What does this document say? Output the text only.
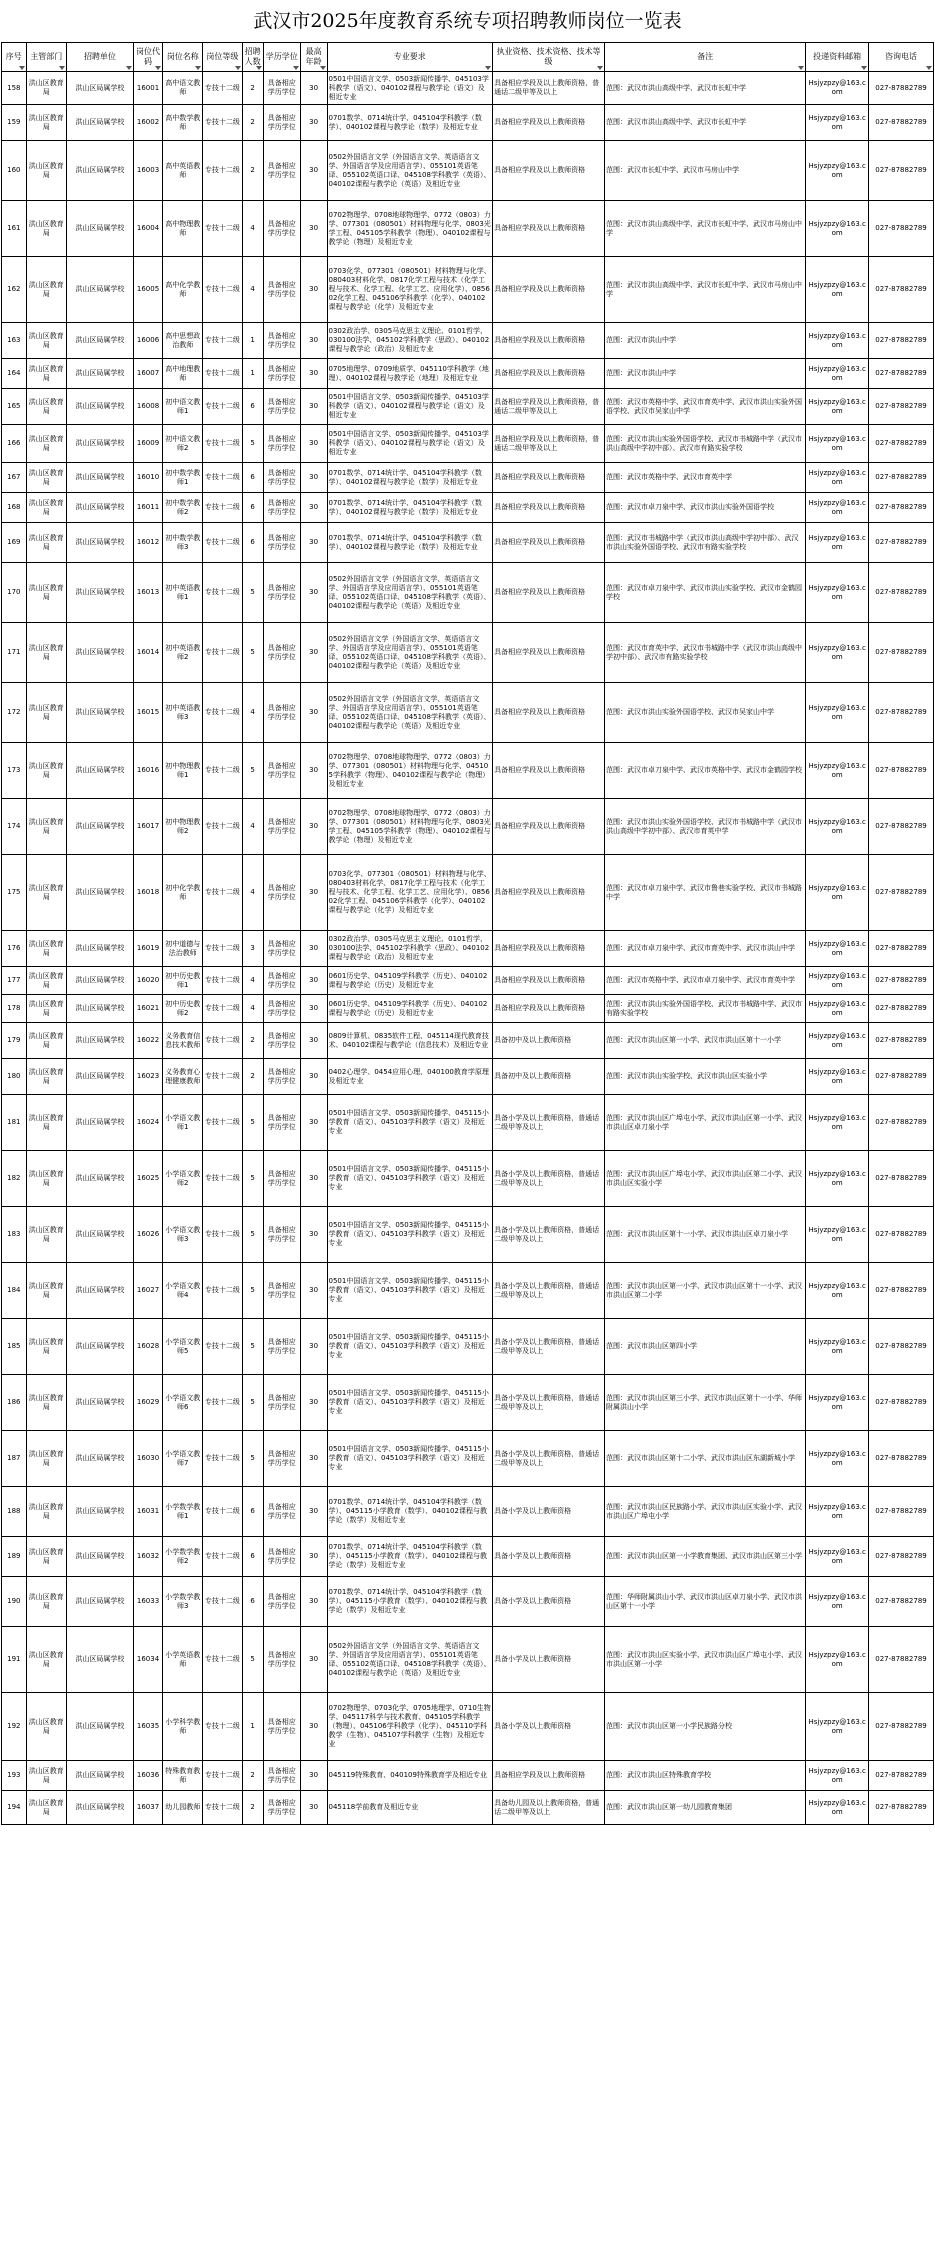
武汉市2025年度教育系统专项招聘教师岗位一览表
序号	主管部门	招聘单位	岗位代码	岗位名称	岗位等级	招聘人数	学历学位	最高年龄	专业要求	执业资格、技术资格、技术等级	备注	投递资料邮箱	咨询电话

158	洪山区教育局	洪山区局属学校	16001	高中语文教师	专技十二级	2	具备相应学历学位	30	0501中国语言文学、0503新闻传播学、045103学科教学（语文）、040102课程与教学论（语文）及相近专业	具备相应学段及以上教师资格，普通话二级甲等及以上	范围：武汉市洪山高级中学、武汉市长虹中学	Hsjyzpzy@163.com	027-87882789
159	洪山区教育局	洪山区局属学校	16002	高中数学教师	专技十二级	2	具备相应学历学位	30	0701数学、0714统计学、045104学科教学（数学）、040102课程与教学论（数学）及相近专业	具备相应学段及以上教师资格	范围：武汉市洪山高级中学、武汉市长虹中学	Hsjyzpzy@163.com	027-87882789
160	洪山区教育局	洪山区局属学校	16003	高中英语教师	专技十二级	2	具备相应学历学位	30	0502外国语言文学（外国语言文学、英语语言文学、外国语言学及应用语言学）、055101英语笔译、055102英语口译、045108学科教学（英语）、040102课程与教学论（英语）及相近专业	具备相应学段及以上教师资格	范围：武汉市长虹中学、武汉市马房山中学	Hsjyzpzy@163.com	027-87882789
161	洪山区教育局	洪山区局属学校	16004	高中物理教师	专技十二级	4	具备相应学历学位	30	0702物理学、0708地球物理学、0772（0803）力学、077301（080501）材料物理与化学、0803光学工程、045105学科教学（物理）、040102课程与教学论（物理）及相近专业	具备相应学段及以上教师资格	范围：武汉市洪山高级中学、武汉市长虹中学、武汉市马房山中学	Hsjyzpzy@163.com	027-87882789
162	洪山区教育局	洪山区局属学校	16005	高中化学教师	专技十二级	4	具备相应学历学位	30	0703化学、077301（080501）材料物理与化学、080403材料化学、0817化学工程与技术（化学工程与技术、化学工程、化学工艺、应用化学）、085602化学工程、045106学科教学（化学）、040102课程与教学论（化学）及相近专业	具备相应学段及以上教师资格	范围：武汉市洪山高级中学、武汉市长虹中学、武汉市马房山中学	Hsjyzpzy@163.com	027-87882789
163	洪山区教育局	洪山区局属学校	16006	高中思想政治教师	专技十二级	1	具备相应学历学位	30	0302政治学、0305马克思主义理论、0101哲学、030100法学、045102学科教学（思政）、040102课程与教学论（政治）及相近专业	具备相应学段及以上教师资格	范围：武汉市洪山中学	Hsjyzpzy@163.com	027-87882789
164	洪山区教育局	洪山区局属学校	16007	高中地理教师	专技十二级	1	具备相应学历学位	30	0705地理学、0709地质学、045110学科教学（地理）、040102课程与教学论（地理）及相近专业	具备相应学段及以上教师资格	范围：武汉市洪山中学	Hsjyzpzy@163.com	027-87882789
165	洪山区教育局	洪山区局属学校	16008	初中语文教师1	专技十二级	6	具备相应学历学位	30	0501中国语言文学、0503新闻传播学、045103学科教学（语文）、040102课程与教学论（语文）及相近专业	具备相应学段及以上教师资格，普通话二级甲等及以上	范围：武汉市英格中学、武汉市育英中学、武汉市洪山实验外国语学校、武汉市吴家山中学	Hsjyzpzy@163.com	027-87882789
166	洪山区教育局	洪山区局属学校	16009	初中语文教师2	专技十二级	5	具备相应学历学位	30	0501中国语言文学、0503新闻传播学、045103学科教学（语文）、040102课程与教学论（语文）及相近专业	具备相应学段及以上教师资格，普通话二级甲等及以上	范围：武汉市洪山实验外国语学校、武汉市书城路中学（武汉市洪山高级中学初中部）、武汉市有路实验学校	Hsjyzpzy@163.com	027-87882789
167	洪山区教育局	洪山区局属学校	16010	初中数学教师1	专技十二级	6	具备相应学历学位	30	0701数学、0714统计学、045104学科教学（数学）、040102课程与教学论（数学）及相近专业	具备相应学段及以上教师资格	范围：武汉市英格中学、武汉市育英中学	Hsjyzpzy@163.com	027-87882789
168	洪山区教育局	洪山区局属学校	16011	初中数学教师2	专技十二级	6	具备相应学历学位	30	0701数学、0714统计学、045104学科教学（数学）、040102课程与教学论（数学）及相近专业	具备相应学段及以上教师资格	范围：武汉市卓刀泉中学、武汉市洪山实验外国语学校	Hsjyzpzy@163.com	027-87882789
169	洪山区教育局	洪山区局属学校	16012	初中数学教师3	专技十二级	6	具备相应学历学位	30	0701数学、0714统计学、045104学科教学（数学）、040102课程与教学论（数学）及相近专业	具备相应学段及以上教师资格	范围：武汉市书城路中学（武汉市洪山高级中学初中部）、武汉市洪山实验外国语学校、武汉市有路实验学校	Hsjyzpzy@163.com	027-87882789
170	洪山区教育局	洪山区局属学校	16013	初中英语教师1	专技十二级	5	具备相应学历学位	30	0502外国语言文学（外国语言文学、英语语言文学、外国语言学及应用语言学）、055101英语笔译、055102英语口译、045108学科教学（英语）、040102课程与教学论（英语）及相近专业	具备相应学段及以上教师资格	范围：武汉市卓刀泉中学、武汉市洪山实验学校、武汉市金鹤园学校	Hsjyzpzy@163.com	027-87882789
171	洪山区教育局	洪山区局属学校	16014	初中英语教师2	专技十二级	5	具备相应学历学位	30	0502外国语言文学（外国语言文学、英语语言文学、外国语言学及应用语言学）、055101英语笔译、055102英语口译、045108学科教学（英语）、040102课程与教学论（英语）及相近专业	具备相应学段及以上教师资格	范围：武汉市育英中学、武汉市书城路中学（武汉市洪山高级中学初中部）、武汉市有路实验学校	Hsjyzpzy@163.com	027-87882789
172	洪山区教育局	洪山区局属学校	16015	初中英语教师3	专技十二级	4	具备相应学历学位	30	0502外国语言文学（外国语言文学、英语语言文学、外国语言学及应用语言学）、055101英语笔译、055102英语口译、045108学科教学（英语）、040102课程与教学论（英语）及相近专业	具备相应学段及以上教师资格	范围：武汉市洪山实验外国语学校、武汉市吴家山中学	Hsjyzpzy@163.com	027-87882789
173	洪山区教育局	洪山区局属学校	16016	初中物理教师1	专技十二级	5	具备相应学历学位	30	0702物理学、0708地球物理学、0772（0803）力学、077301（080501）材料物理与化学、045105学科教学（物理）、040102课程与教学论（物理）及相近专业	具备相应学段及以上教师资格	范围：武汉市卓刀泉中学、武汉市英格中学、武汉市金鹤园学校	Hsjyzpzy@163.com	027-87882789
174	洪山区教育局	洪山区局属学校	16017	初中物理教师2	专技十二级	4	具备相应学历学位	30	0702物理学、0708地球物理学、0772（0803）力学、077301（080501）材料物理与化学、0803光学工程、045105学科教学（物理）、040102课程与教学论（物理）及相近专业	具备相应学段及以上教师资格	范围：武汉市洪山实验外国语学校、武汉市书城路中学（武汉市洪山高级中学初中部）、武汉市育英中学	Hsjyzpzy@163.com	027-87882789
175	洪山区教育局	洪山区局属学校	16018	初中化学教师	专技十二级	4	具备相应学历学位	30	0703化学、077301（080501）材料物理与化学、080403材料化学、0817化学工程与技术（化学工程与技术、化学工程、化学工艺、应用化学）、085602化学工程、045106学科教学（化学）、040102课程与教学论（化学）及相近专业	具备相应学段及以上教师资格	范围：武汉市卓刀泉中学、武汉市鲁巷实验学校、武汉市书城路中学	Hsjyzpzy@163.com	027-87882789
176	洪山区教育局	洪山区局属学校	16019	初中道德与法治教师	专技十二级	3	具备相应学历学位	30	0302政治学、0305马克思主义理论、0101哲学、030100法学、045102学科教学（思政）、040102课程与教学论（政治）及相近专业	具备相应学段及以上教师资格	范围：武汉市卓刀泉中学、武汉市育英中学、武汉市洪山中学	Hsjyzpzy@163.com	027-87882789
177	洪山区教育局	洪山区局属学校	16020	初中历史教师1	专技十二级	4	具备相应学历学位	30	0601历史学、045109学科教学（历史）、040102课程与教学论（历史）及相近专业	具备相应学段及以上教师资格	范围：武汉市英格中学、武汉市卓刀泉中学、武汉市育英中学	Hsjyzpzy@163.com	027-87882789
178	洪山区教育局	洪山区局属学校	16021	初中历史教师2	专技十二级	4	具备相应学历学位	30	0601历史学、045109学科教学（历史）、040102课程与教学论（历史）及相近专业	具备相应学段及以上教师资格	范围：武汉市洪山实验外国语学校、武汉市书城路中学、武汉市有路实验学校	Hsjyzpzy@163.com	027-87882789
179	洪山区教育局	洪山区局属学校	16022	义务教育信息技术教师	专技十二级	2	具备相应学历学位	30	0809计算机、0835软件工程、045114现代教育技术、040102课程与教学论（信息技术）及相近专业	具备初中及以上教师资格	范围：武汉市洪山区第一小学、武汉市洪山区第十一小学	Hsjyzpzy@163.com	027-87882789
180	洪山区教育局	洪山区局属学校	16023	义务教育心理健康教师	专技十二级	2	具备相应学历学位	30	0402心理学、0454应用心理、040100教育学原理及相近专业	具备初中及以上教师资格	范围：武汉市洪山实验学校、武汉市洪山区实验小学	Hsjyzpzy@163.com	027-87882789
181	洪山区教育局	洪山区局属学校	16024	小学语文教师1	专技十二级	5	具备相应学历学位	30	0501中国语言文学、0503新闻传播学、045115小学教育（语文）、045103学科教学（语文）及相近专业	具备小学及以上教师资格，普通话二级甲等及以上	范围：武汉市洪山区广埠屯小学、武汉市洪山区第一小学、武汉市洪山区卓刀泉小学	Hsjyzpzy@163.com	027-87882789
182	洪山区教育局	洪山区局属学校	16025	小学语文教师2	专技十二级	5	具备相应学历学位	30	0501中国语言文学、0503新闻传播学、045115小学教育（语文）、045103学科教学（语文）及相近专业	具备小学及以上教师资格，普通话二级甲等及以上	范围：武汉市洪山区广埠屯小学、武汉市洪山区第二小学、武汉市洪山区实验小学	Hsjyzpzy@163.com	027-87882789
183	洪山区教育局	洪山区局属学校	16026	小学语文教师3	专技十二级	5	具备相应学历学位	30	0501中国语言文学、0503新闻传播学、045115小学教育（语文）、045103学科教学（语文）及相近专业	具备小学及以上教师资格，普通话二级甲等及以上	范围：武汉市洪山区第十一小学、武汉市洪山区卓刀泉小学	Hsjyzpzy@163.com	027-87882789
184	洪山区教育局	洪山区局属学校	16027	小学语文教师4	专技十二级	5	具备相应学历学位	30	0501中国语言文学、0503新闻传播学、045115小学教育（语文）、045103学科教学（语文）及相近专业	具备小学及以上教师资格，普通话二级甲等及以上	范围：武汉市洪山区第一小学、武汉市洪山区第十一小学、武汉市洪山区第二小学	Hsjyzpzy@163.com	027-87882789
185	洪山区教育局	洪山区局属学校	16028	小学语文教师5	专技十二级	5	具备相应学历学位	30	0501中国语言文学、0503新闻传播学、045115小学教育（语文）、045103学科教学（语文）及相近专业	具备小学及以上教师资格，普通话二级甲等及以上	范围：武汉市洪山区第四小学	Hsjyzpzy@163.com	027-87882789
186	洪山区教育局	洪山区局属学校	16029	小学语文教师6	专技十二级	5	具备相应学历学位	30	0501中国语言文学、0503新闻传播学、045115小学教育（语文）、045103学科教学（语文）及相近专业	具备小学及以上教师资格，普通话二级甲等及以上	范围：武汉市洪山区第三小学、武汉市洪山区第十一小学、华师附属洪山小学	Hsjyzpzy@163.com	027-87882789
187	洪山区教育局	洪山区局属学校	16030	小学语文教师7	专技十二级	5	具备相应学历学位	30	0501中国语言文学、0503新闻传播学、045115小学教育（语文）、045103学科教学（语文）及相近专业	具备小学及以上教师资格，普通话二级甲等及以上	范围：武汉市洪山区第十二小学、武汉市洪山区东湖新城小学	Hsjyzpzy@163.com	027-87882789
188	洪山区教育局	洪山区局属学校	16031	小学数学教师1	专技十二级	6	具备相应学历学位	30	0701数学、0714统计学、045104学科教学（数学）、045115小学教育（数学）、040102课程与教学论（数学）及相近专业	具备小学及以上教师资格	范围：武汉市洪山区民族路小学、武汉市洪山区实验小学、武汉市洪山区广埠屯小学	Hsjyzpzy@163.com	027-87882789
189	洪山区教育局	洪山区局属学校	16032	小学数学教师2	专技十二级	6	具备相应学历学位	30	0701数学、0714统计学、045104学科教学（数学）、045115小学教育（数学）、040102课程与教学论（数学）及相近专业	具备小学及以上教师资格	范围：武汉市洪山区第一小学教育集团、武汉市洪山区第三小学	Hsjyzpzy@163.com	027-87882789
190	洪山区教育局	洪山区局属学校	16033	小学数学教师3	专技十二级	6	具备相应学历学位	30	0701数学、0714统计学、045104学科教学（数学）、045115小学教育（数学）、040102课程与教学论（数学）及相近专业	具备小学及以上教师资格	范围：华师附属洪山小学、武汉市洪山区卓刀泉小学、武汉市洪山区第十一小学	Hsjyzpzy@163.com	027-87882789
191	洪山区教育局	洪山区局属学校	16034	小学英语教师	专技十二级	5	具备相应学历学位	30	0502外国语言文学（外国语言文学、英语语言文学、外国语言学及应用语言学）、055101英语笔译、055102英语口译、045108学科教学（英语）、040102课程与教学论（英语）及相近专业	具备小学及以上教师资格	范围：武汉市洪山区实验小学、武汉市洪山区广埠屯小学、武汉市洪山区第一小学	Hsjyzpzy@163.com	027-87882789
192	洪山区教育局	洪山区局属学校	16035	小学科学教师	专技十二级	1	具备相应学历学位	30	0702物理学、0703化学、0705地理学、0710生物学、045117科学与技术教育、045105学科教学（物理）、045106学科教学（化学）、045110学科教学（生物）、045107学科教学（生物）及相近专业	具备小学及以上教师资格	范围：武汉市洪山区第一小学民族路分校	Hsjyzpzy@163.com	027-87882789
193	洪山区教育局	洪山区局属学校	16036	特殊教育教师	专技十二级	2	具备相应学历学位	30	045119特殊教育、040109特殊教育学及相近专业	具备相应学段及以上教师资格	范围：武汉市洪山区特殊教育学校	Hsjyzpzy@163.com	027-87882789
194	洪山区教育局	洪山区局属学校	16037	幼儿园教师	专技十二级	2	具备相应学历学位	30	045118学前教育及相近专业	具备幼儿园及以上教师资格，普通话二级甲等及以上	范围：武汉市洪山区第一幼儿园教育集团	Hsjyzpzy@163.com	027-87882789
